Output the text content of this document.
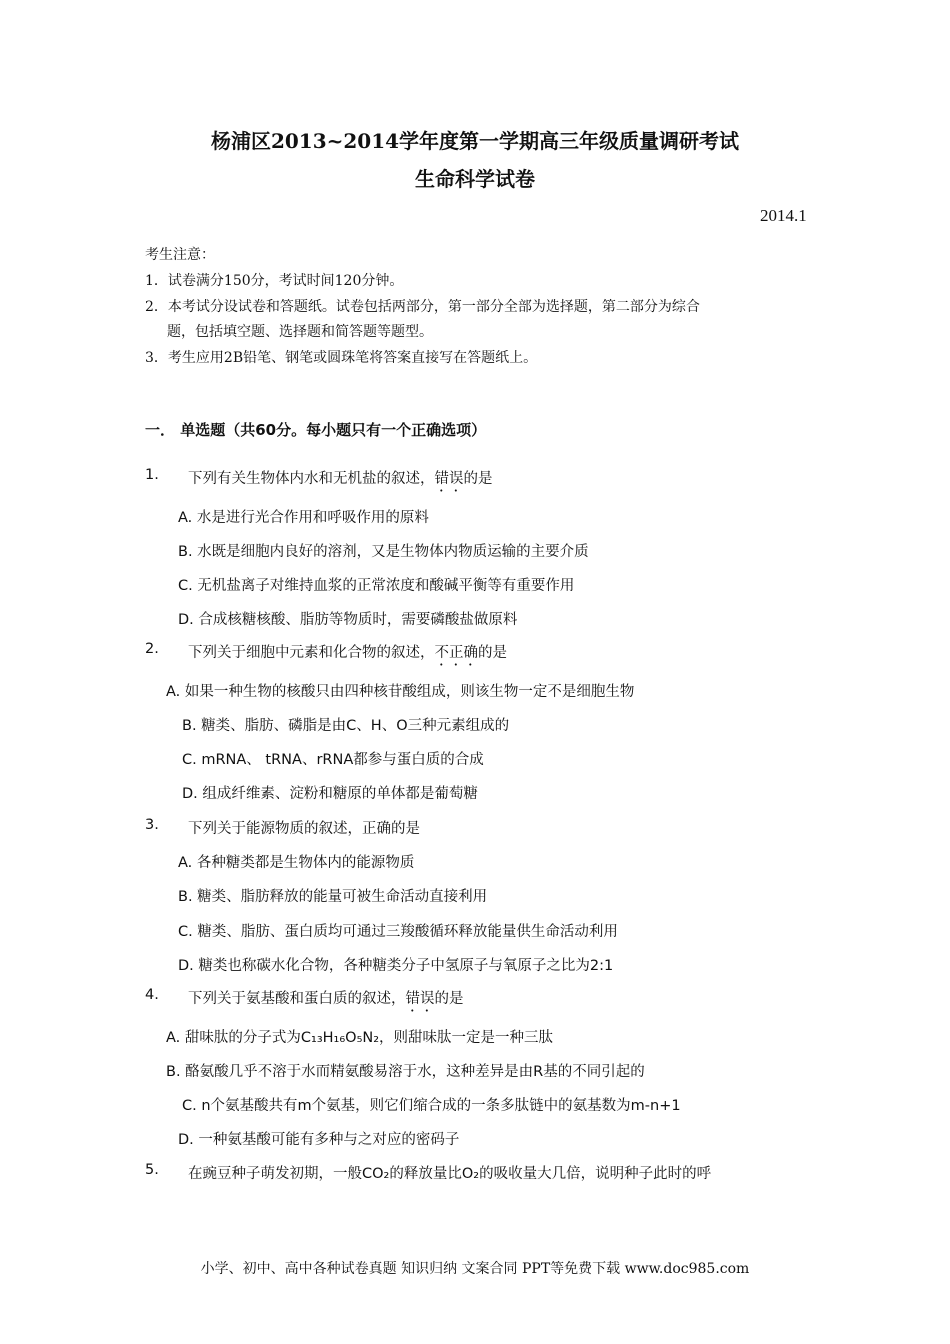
杨浦区2013~2014学年度第一学期高三年级质量调研考试
生命科学试卷
2014.1
考生注意：
1．试卷满分150分，考试时间120分钟。
2．本考试分设试卷和答题纸。试卷包括两部分，第一部分全部为选择题，第二部分为综合
题，包括填空题、选择题和简答题等题型。
3．考生应用2B铅笔、钢笔或圆珠笔将答案直接写在答题纸上。
一． 单选题（共60分。每小题只有一个正确选项）
1. 下列有关生物体内水和无机盐的叙述，错误的是
A. 水是进行光合作用和呼吸作用的原料
B. 水既是细胞内良好的溶剂，又是生物体内物质运输的主要介质
C. 无机盐离子对维持血浆的正常浓度和酸碱平衡等有重要作用
D. 合成核糖核酸、脂肪等物质时，需要磷酸盐做原料
2. 下列关于细胞中元素和化合物的叙述，不正确的是
A. 如果一种生物的核酸只由四种核苷酸组成，则该生物一定不是细胞生物
B. 糖类、脂肪、磷脂是由C、H、O三种元素组成的
C. mRNA、 tRNA、rRNA都参与蛋白质的合成
D. 组成纤维素、淀粉和糖原的单体都是葡萄糖
3. 下列关于能源物质的叙述，正确的是
A. 各种糖类都是生物体内的能源物质
B. 糖类、脂肪释放的能量可被生命活动直接利用
C. 糖类、脂肪、蛋白质均可通过三羧酸循环释放能量供生命活动利用
D. 糖类也称碳水化合物，各种糖类分子中氢原子与氧原子之比为2:1
4. 下列关于氨基酸和蛋白质的叙述，错误的是
A. 甜味肽的分子式为C₁₃H₁₆O₅N₂，则甜味肽一定是一种三肽
B. 酪氨酸几乎不溶于水而精氨酸易溶于水，这种差异是由R基的不同引起的
C. n个氨基酸共有m个氨基，则它们缩合成的一条多肽链中的氨基数为m-n+1
D. 一种氨基酸可能有多种与之对应的密码子
5. 在豌豆种子萌发初期，一般CO₂的释放量比O₂的吸收量大几倍，说明种子此时的呼
小学、初中、高中各种试卷真题 知识归纳 文案合同 PPT等免费下载 www.doc985.com
